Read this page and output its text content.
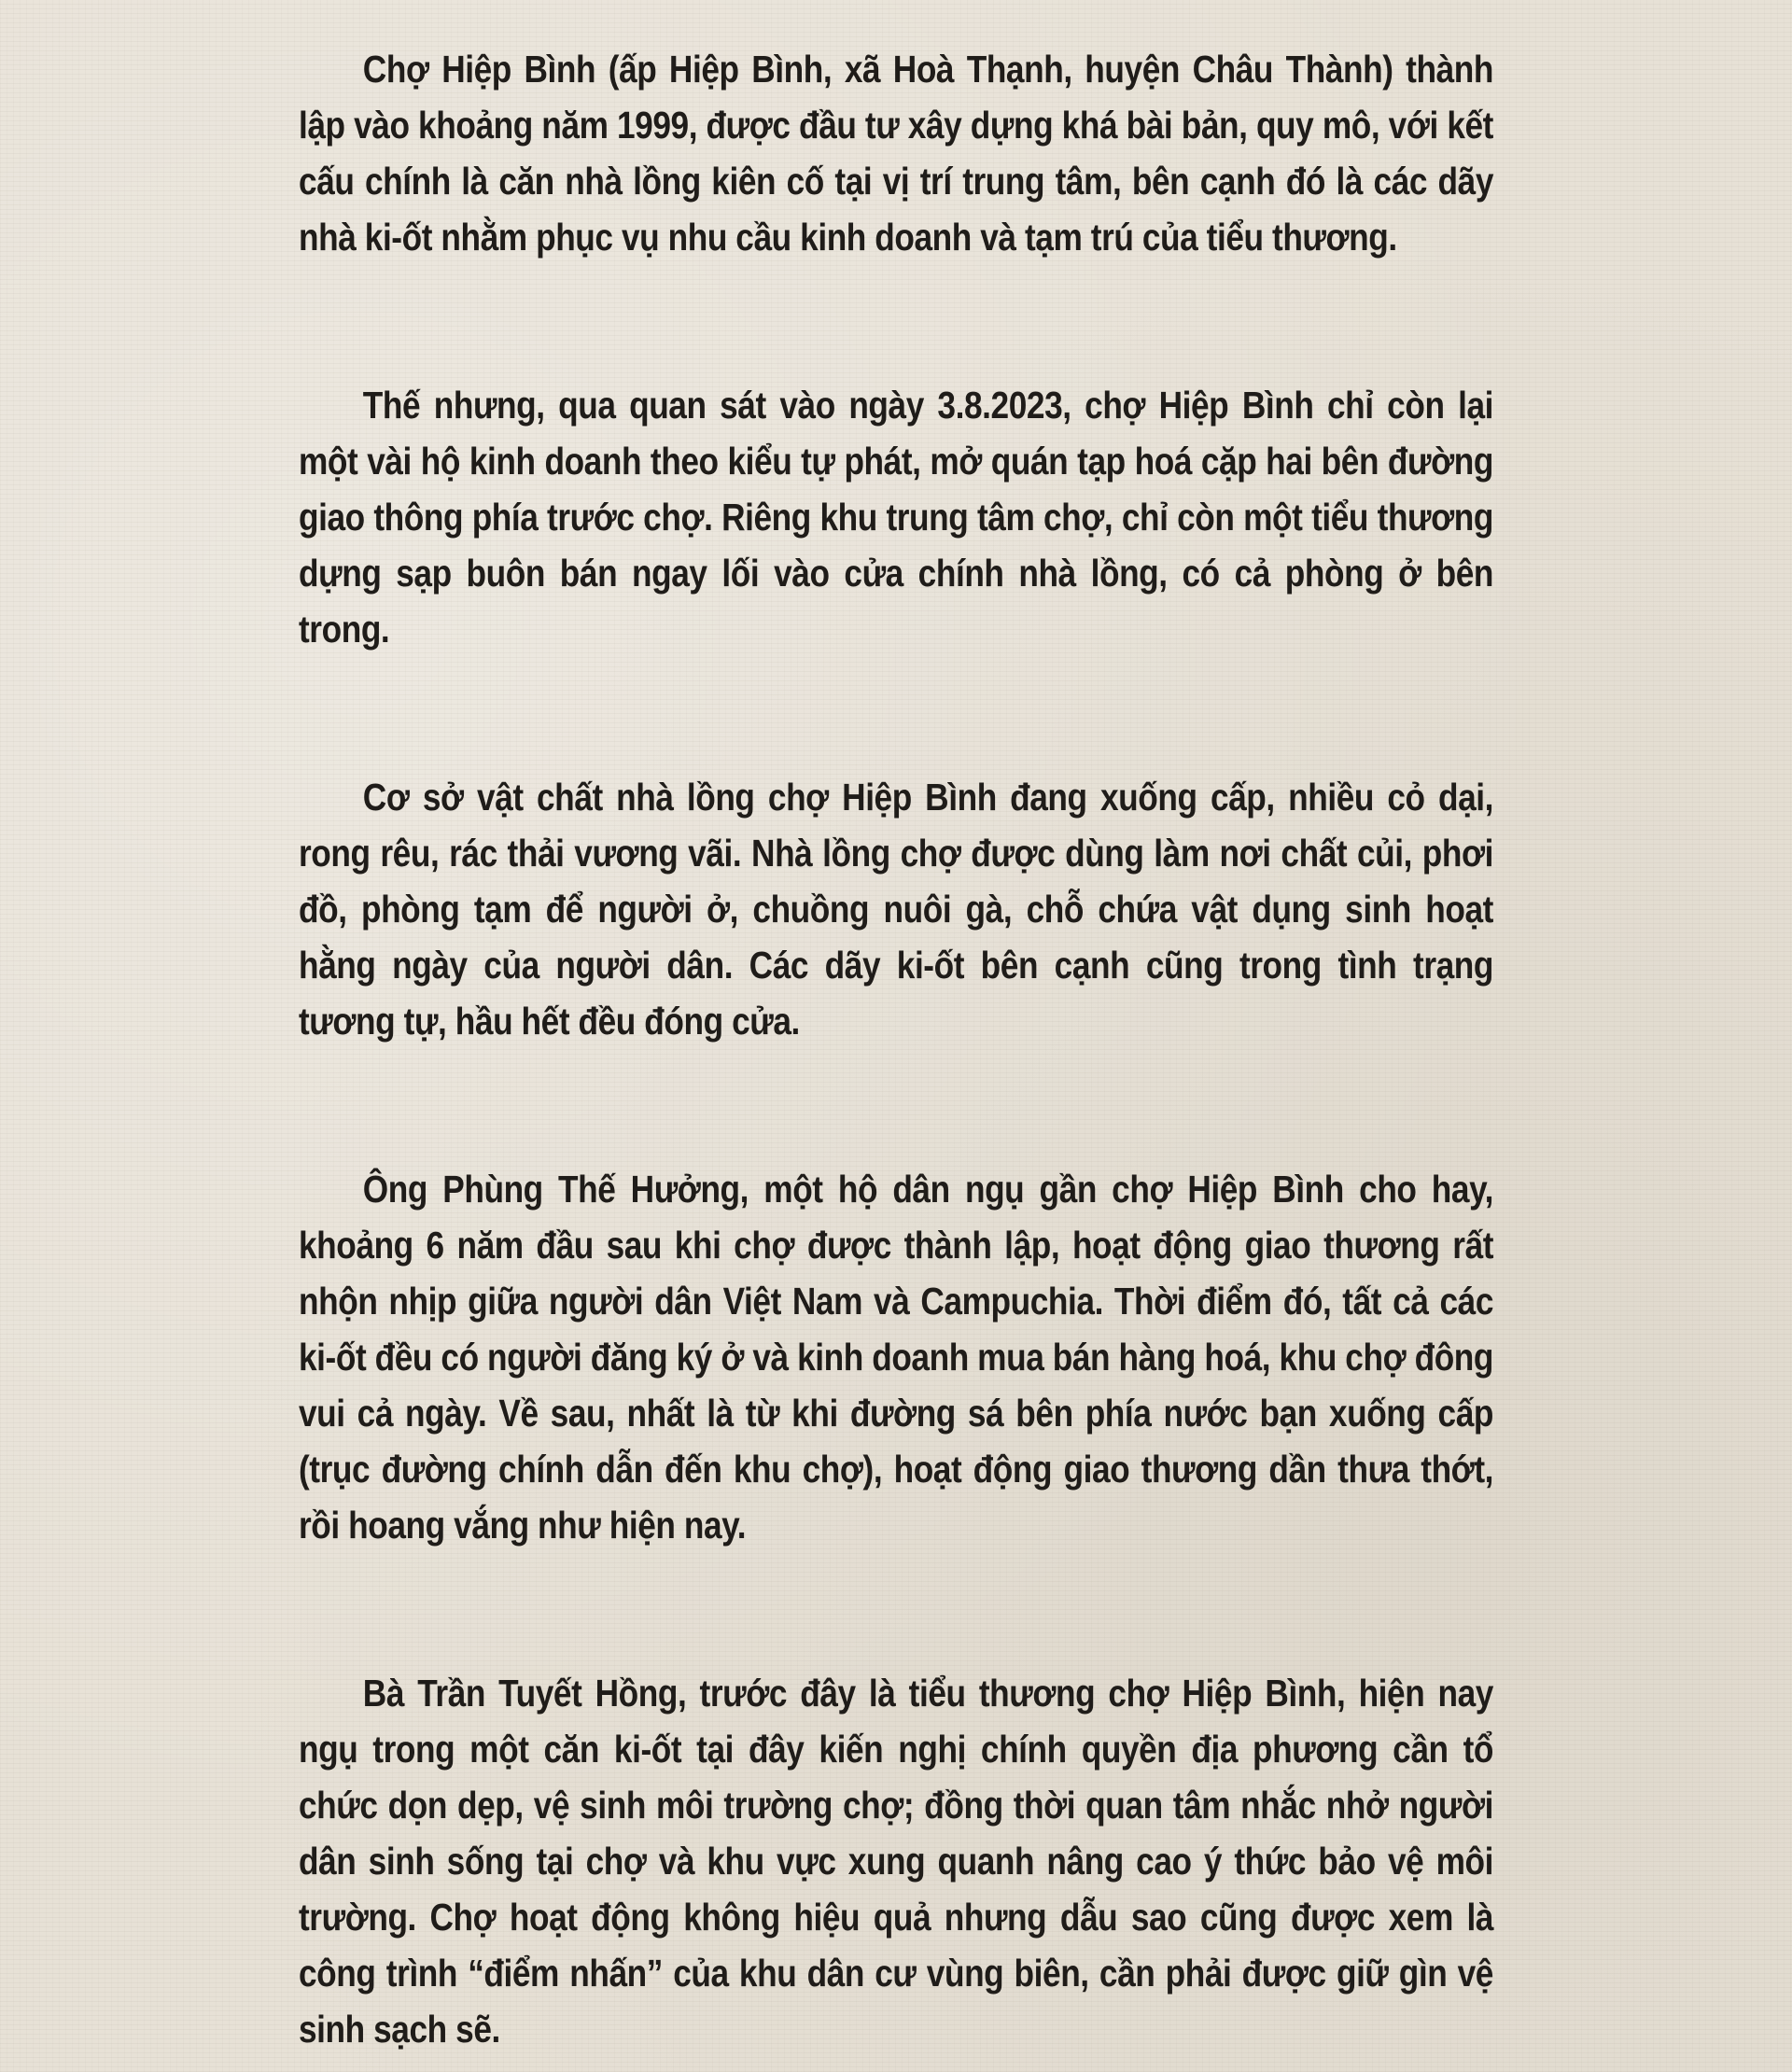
Chợ Hiệp Bình (ấp Hiệp Bình, xã Hoà Thạnh, huyện Châu Thành) thành lập vào khoảng năm 1999, được đầu tư xây dựng khá bài bản, quy mô, với kết cấu chính là căn nhà lồng kiên cố tại vị trí trung tâm, bên cạnh đó là các dãy nhà ki-ốt nhằm phục vụ nhu cầu kinh doanh và tạm trú của tiểu thương.

Thế nhưng, qua quan sát vào ngày 3.8.2023, chợ Hiệp Bình chỉ còn lại một vài hộ kinh doanh theo kiểu tự phát, mở quán tạp hoá cặp hai bên đường giao thông phía trước chợ. Riêng khu trung tâm chợ, chỉ còn một tiểu thương dựng sạp buôn bán ngay lối vào cửa chính nhà lồng, có cả phòng ở bên trong.

Cơ sở vật chất nhà lồng chợ Hiệp Bình đang xuống cấp, nhiều cỏ dại, rong rêu, rác thải vương vãi. Nhà lồng chợ được dùng làm nơi chất củi, phơi đồ, phòng tạm để người ở, chuồng nuôi gà, chỗ chứa vật dụng sinh hoạt hằng ngày của người dân. Các dãy ki-ốt bên cạnh cũng trong tình trạng tương tự, hầu hết đều đóng cửa.

Ông Phùng Thế Hưởng, một hộ dân ngụ gần chợ Hiệp Bình cho hay, khoảng 6 năm đầu sau khi chợ được thành lập, hoạt động giao thương rất nhộn nhịp giữa người dân Việt Nam và Campuchia. Thời điểm đó, tất cả các ki-ốt đều có người đăng ký ở và kinh doanh mua bán hàng hoá, khu chợ đông vui cả ngày. Về sau, nhất là từ khi đường sá bên phía nước bạn xuống cấp (trục đường chính dẫn đến khu chợ), hoạt động giao thương dần thưa thớt, rồi hoang vắng như hiện nay.

Bà Trần Tuyết Hồng, trước đây là tiểu thương chợ Hiệp Bình, hiện nay ngụ trong một căn ki-ốt tại đây kiến nghị chính quyền địa phương cần tổ chức dọn dẹp, vệ sinh môi trường chợ; đồng thời quan tâm nhắc nhở người dân sinh sống tại chợ và khu vực xung quanh nâng cao ý thức bảo vệ môi trường. Chợ hoạt động không hiệu quả nhưng dẫu sao cũng được xem là công trình “điểm nhấn” của khu dân cư vùng biên, cần phải được giữ gìn vệ sinh sạch sẽ.
